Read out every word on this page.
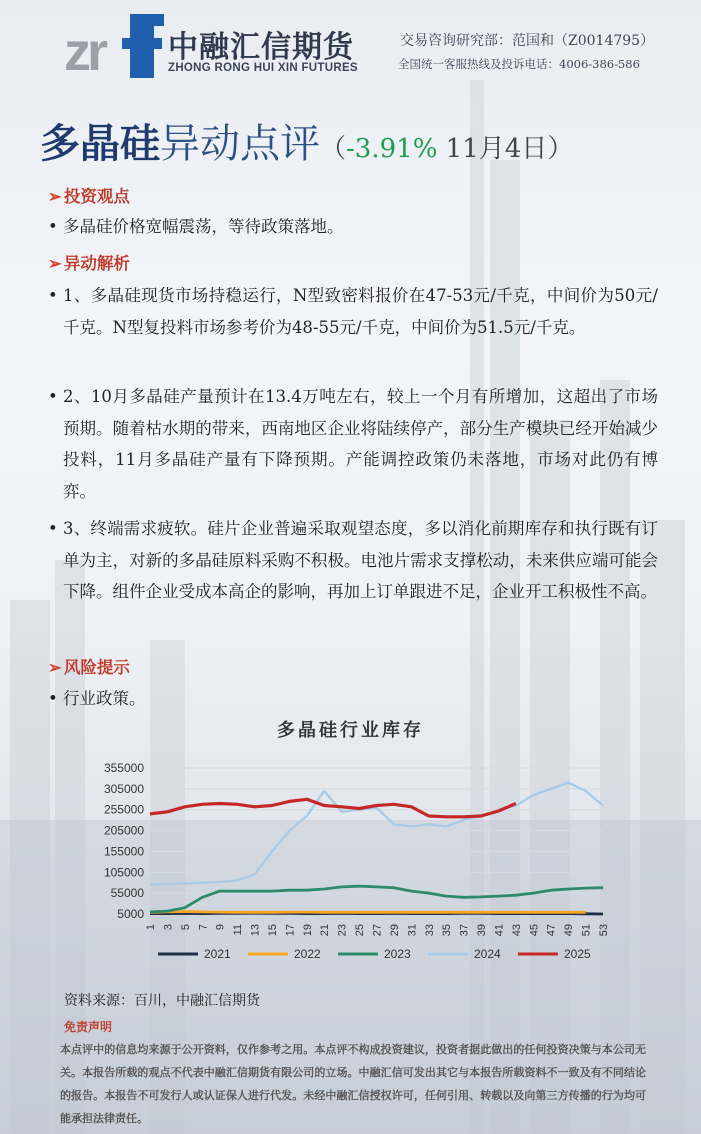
zr 中融汇信期货
ZHONG RONG HUI XIN FUTURES
交易咨询研究部：范国和（Z0014795）
全国统一客服热线及投诉电话：4006-386-586
多晶硅异动点评（-3.91% 11月4日）
➢ 投资观点
• 多晶硅价格宽幅震荡，等待政策落地。
➢ 异动解析
• 1、多晶硅现货市场持稳运行，N型致密料报价在47-53元/千克，中间价为50元/千克。N型复投料市场参考价为48-55元/千克，中间价为51.5元/千克。
• 2、10月多晶硅产量预计在13.4万吨左右，较上一个月有所增加，这超出了市场预期。随着枯水期的带来，西南地区企业将陆续停产，部分生产模块已经开始减少投料，11月多晶硅产量有下降预期。产能调控政策仍未落地，市场对此仍有博弈。
• 3、终端需求疲软。硅片企业普遍采取观望态度，多以消化前期库存和执行既有订单为主，对新的多晶硅原料采购不积极。电池片需求支撑松动，未来供应端可能会下降。组件企业受成本高企的影响，再加上订单跟进不足，企业开工积极性不高。
➢ 风险提示
• 行业政策。
多晶硅行业库存
355000
305000
255000
205000
155000
105000
55000
5000
1 3 5 7 9 11 13 15 17 19 21 23 25 27 29 31 33 35 37 39 41 43 45 47 49 51 53
2021	2022	2023	2024	2025
资料来源：百川，中融汇信期货
免责声明
本点评中的信息均来源于公开资料，仅作参考之用。本点评不构成投资建议，投资者据此做出的任何投资决策与本公司无关。本报告所载的观点不代表中融汇信期货有限公司的立场。中融汇信可发出其它与本报告所载资料不一致及有不同结论的报告。本报告不可发行人或认证保人进行代发。未经中融汇信授权许可，任何引用、转载以及向第三方传播的行为均可能承担法律责任。
